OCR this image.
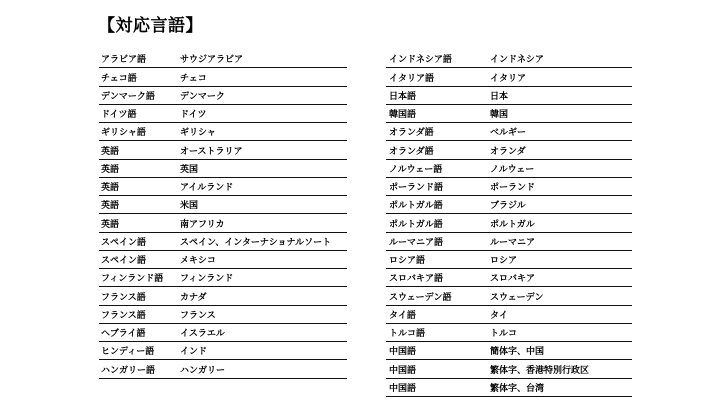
【対応言語】
アラビア語	サウジアラビア
チェコ語	チェコ
デンマーク語	デンマーク
ドイツ語	ドイツ
ギリシャ語	ギリシャ
英語	オーストラリア
英語	英国
英語	アイルランド
英語	米国
英語	南アフリカ
スペイン語	スペイン、インターナショナルソート
スペイン語	メキシコ
フィンランド語 フィンランド
フランス語	カナダ
フランス語	フランス
ヘブライ語	イスラエル
ヒンディー語	インド
ハンガリー語	ハンガリー
インドネシア語	インドネシア
イタリア語	イタリア
日本語	日本
韓国語	韓国
オランダ語	ベルギー
オランダ語	オランダ
ノルウェー語	ノルウェー
ポーランド語	ポーランド
ポルトガル語	ブラジル
ポルトガル語	ポルトガル
ルーマニア語	ルーマニア
ロシア語	ロシア
スロバキア語	スロバキア
スウェーデン語	スウェーデン
タイ語	タイ
トルコ語	トルコ
中国語	簡体字、中国
中国語	繁体字、香港特別行政区
中国語	繁体字、台湾
